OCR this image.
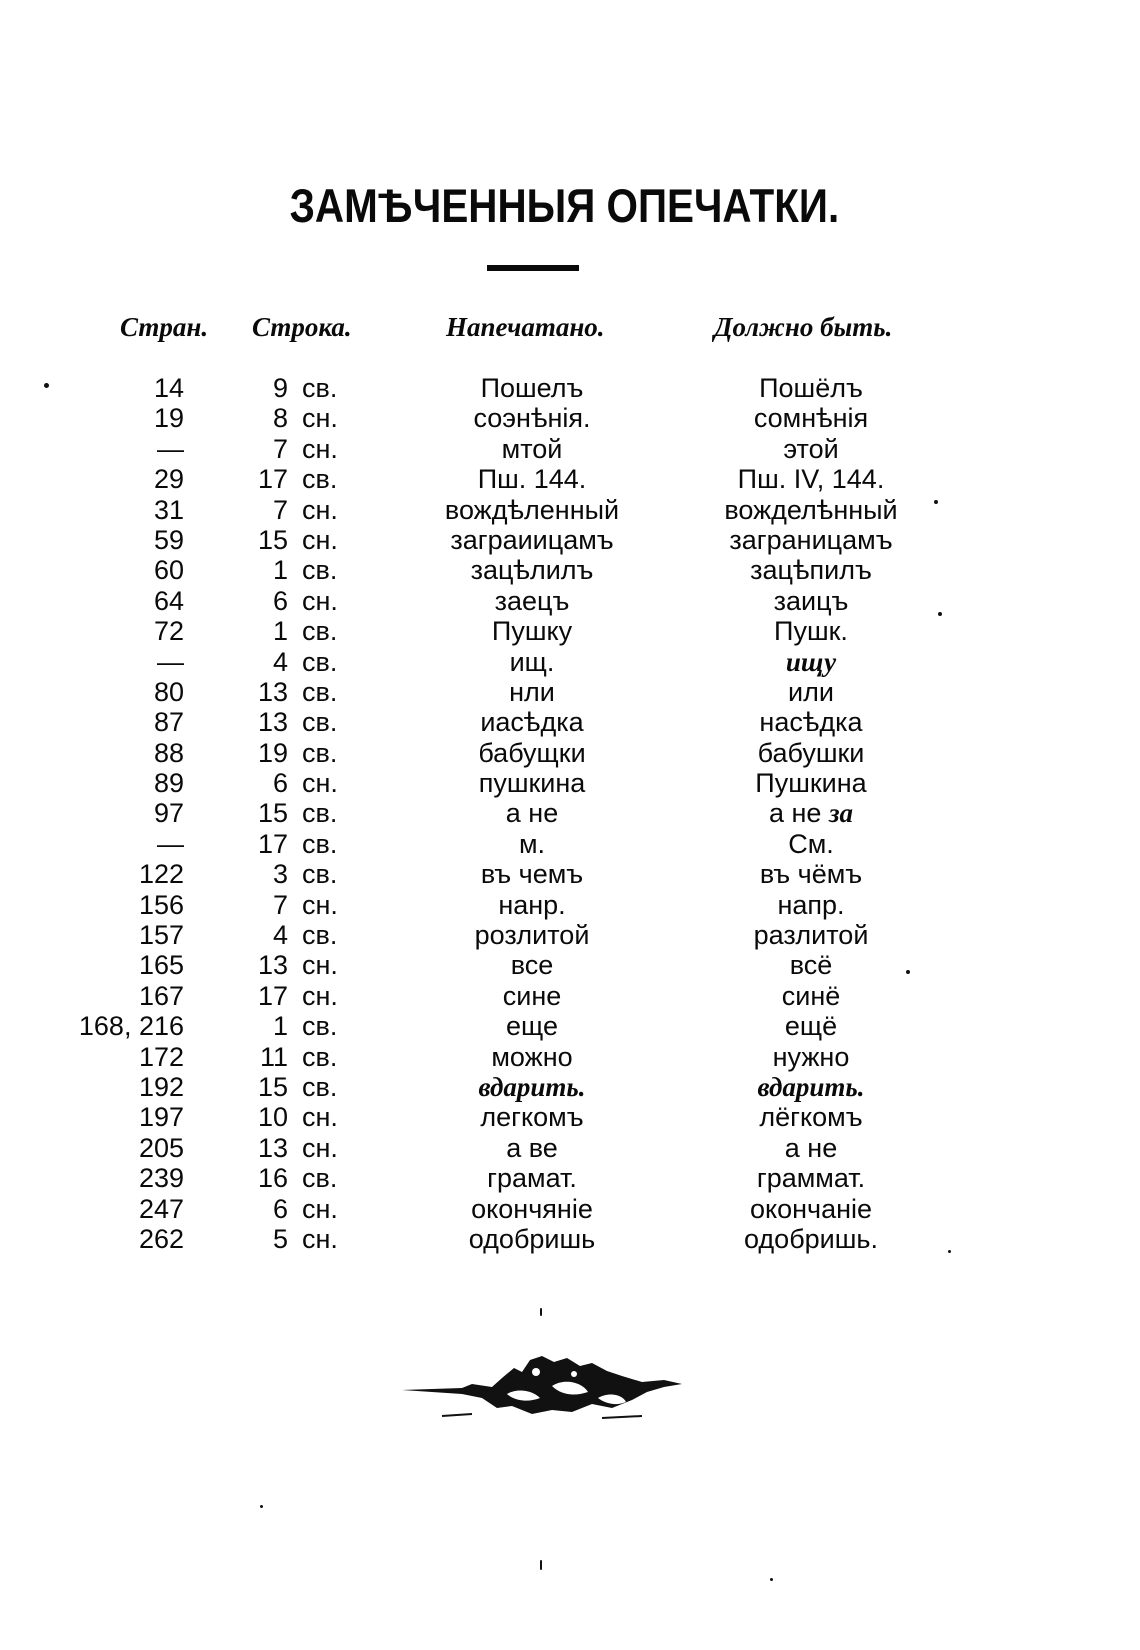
ЗАМѢЧЕННЫЯ ОПЕЧАТКИ.
Стран. Строка.	Напечатано.	Должно быть.
14	9 св.	Пошелъ	Пошёлъ
19	8 сн.	соэнѣнія.	сомнѣнія
—	7 сн.	мтой	этой
29	17 св.	Пш. 144.	Пш. IV, 144.
31	7 сн.	вождѣленный	вожделѣнный
59	15 сн.	заграиицамъ	заграницамъ
60	1 св.	зацѣлилъ	зацѣпилъ
64	6 сн.	заецъ	заицъ
72	1 св.	Пушку	Пушк.
—	4 св.	ищ.	ищу
80	13 св.	нли	или
87	13 св.	иасѣдка	насѣдка
88	19 св.	бабущки	бабушки
89	6 сн.	пушкина	Пушкина
97	15 св.	а не	а не за
—	17 св.	м.	См.
122	3 св.	въ чемъ	въ чёмъ
156	7 сн.	нанр.	напр.
157	4 св.	розлитой	разлитой
165	13 сн.	все	всё
167	17 сн.	сине	синё
168, 216	1 св.	еще	ещё
172	11 св.	можно	нужно
192	15 св.	вдарить.	вдарить.
197	10 сн.	легкомъ	лёгкомъ
205	13 сн.	а ве	а не
239	16 св.	грамат.	граммат.
247	6 сн.	окончяніе	окончаніе
262	5 сн.	одобришь	одобришь.
